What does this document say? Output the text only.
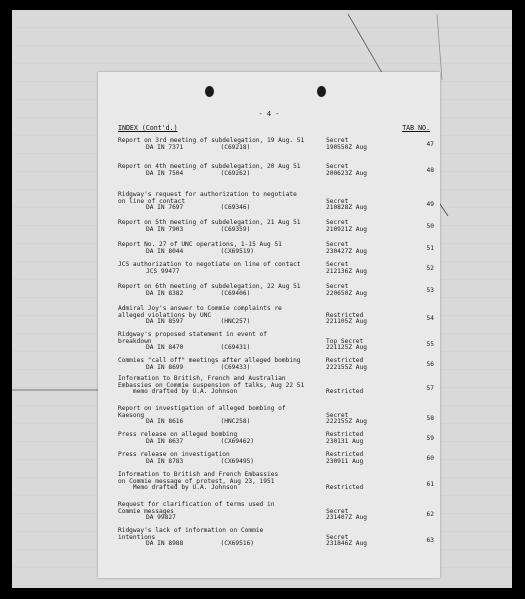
- 4 -
INDEX (Cont'd.)	TAB NO.
Report on 3rd meeting of subdelegation, 19 Aug. 51
DA IN 7371          (C69218)
Secret
190550Z Aug	47
Report on 4th meeting of subdelegation, 20 Aug 51
DA IN 7504          (C69262)
Secret
200623Z Aug	48
Ridgway's request for authorization to negotiate
on line of contact
DA IN 7697          (C69346)
Secret
210828Z Aug	49
Report on 5th meeting of subdelegation, 21 Aug 51
DA IN 7903          (C69359)
Secret
210921Z Aug	50
Report No. 27 of UNC operations, 1-15 Aug 51
DA IN 8044          (CX69519)
Secret
230427Z Aug	51
JCS authorization to negotiate on line of contact
JCS 99477
Secret
212136Z Aug	52
Report on 6th meeting of subdelegation, 22 Aug 51
DA IN 8382          (C69406)
Secret
220650Z Aug	53
Admiral Joy's answer to Commie complaints re
alleged violations by UNC
DA IN 8597          (HNC257)
Restricted
221105Z Aug	54
Ridgway's proposed statement in event of
breakdown
DA IN 8470          (C69431)
Top Secret
221125Z Aug	55
Commies "call off" meetings after alleged bombing
DA IN 8699          (C69433)
Restricted
222155Z Aug	56
Information to British, French and Australian
Embassies on Commie suspension of talks, Aug 22 51
memo drafted by U.A. Johnson	Restricted	57
Report on investigation of alleged bombing of
Kaesong
DA IN 8616          (HNC258)
Secret
222155Z Aug	58
Press release on alleged bombing
DA IN 8637          (CX69462)
Restricted
230131 Aug	59
Press release on investigation
DA IN 8783          (CX69495)
Restricted
230911 Aug	60
Information to British and French Embassies
on Commie message of protest, Aug 23, 1951
Memo drafted by U.A. Johnson	Restricted	61
Request for clarification of terms used in
Commie messages
DA 99827
Secret
231407Z Aug	62
Ridgway's lack of information on Commie
intentions
DA IN 8988          (CX69516)
Secret
231846Z Aug	63
